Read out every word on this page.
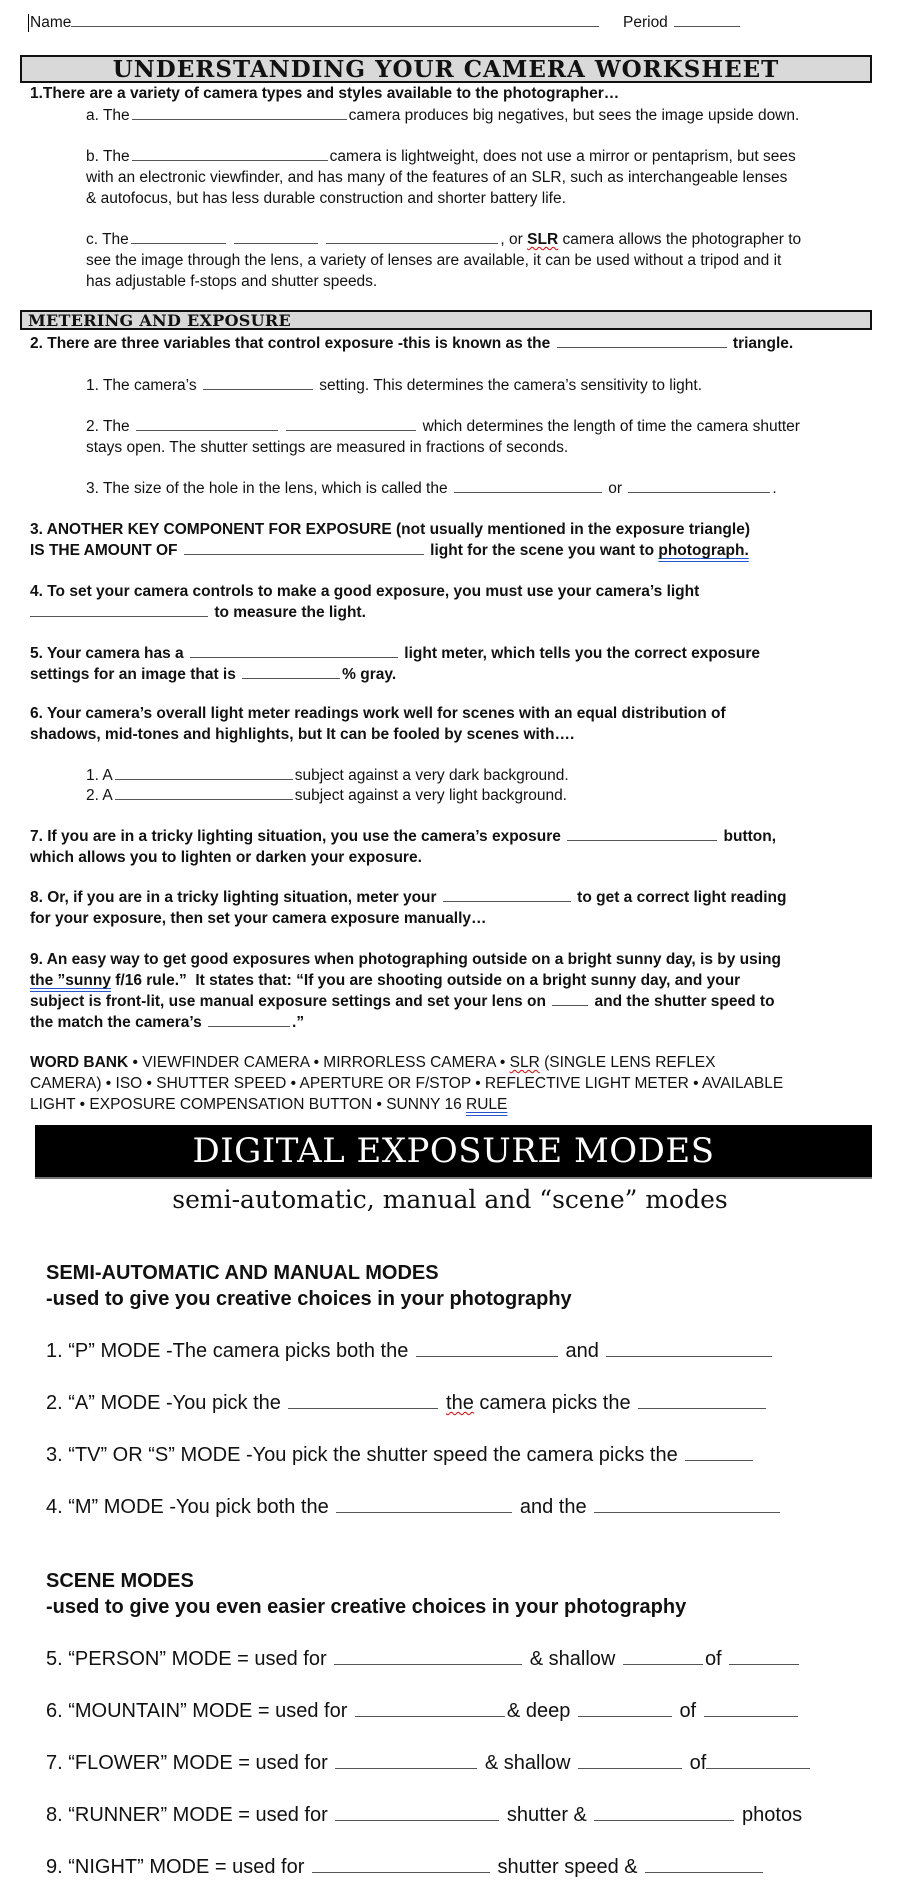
Name	Period
UNDERSTANDING YOUR CAMERA WORKSHEET
1.There are a variety of camera types and styles available to the photographer…
a. The	camera produces big negatives, but sees the image upside down.
b. The	camera is lightweight, does not use a mirror or pentaprism, but sees
with an electronic viewfinder, and has many of the features of an SLR, such as interchangeable lenses
& autofocus, but has less durable construction and shorter battery life.
c. The	, or SLR camera allows the photographer to
see the image through the lens, a variety of lenses are available, it can be used without a tripod and it
has adjustable f-stops and shutter speeds.
METERING AND EXPOSURE
2. There are three variables that control exposure -this is known as the	triangle.
1. The camera’s	setting. This determines the camera’s sensitivity to light.
2. The	which determines the length of time the camera shutter
stays open. The shutter settings are measured in fractions of seconds.
3. The size of the hole in the lens, which is called the	or	.
3. ANOTHER KEY COMPONENT FOR EXPOSURE (not usually mentioned in the exposure triangle)
IS THE AMOUNT OF	light for the scene you want to photograph.
4. To set your camera controls to make a good exposure, you must use your camera’s light
to measure the light.
5. Your camera has a	light meter, which tells you the correct exposure
settings for an image that is	% gray.
6. Your camera’s overall light meter readings work well for scenes with an equal distribution of
shadows, mid-tones and highlights, but It can be fooled by scenes with….
1. A	subject against a very dark background.
2. A	subject against a very light background.
7. If you are in a tricky lighting situation, you use the camera’s exposure	button,
which allows you to lighten or darken your exposure.
8. Or, if you are in a tricky lighting situation, meter your	to get a correct light reading
for your exposure, then set your camera exposure manually…
9. An easy way to get good exposures when photographing outside on a bright sunny day, is by using
the ”sunny f/16 rule.”  It states that: “If you are shooting outside on a bright sunny day, and your
subject is front-lit, use manual exposure settings and set your lens on	and the shutter speed to
the match the camera’s	.”
WORD BANK • VIEWFINDER CAMERA • MIRRORLESS CAMERA • SLR (SINGLE LENS REFLEX
CAMERA) • ISO • SHUTTER SPEED • APERTURE OR F/STOP • REFLECTIVE LIGHT METER • AVAILABLE
LIGHT • EXPOSURE COMPENSATION BUTTON • SUNNY 16 RULE
DIGITAL EXPOSURE MODES
semi-automatic, manual and “scene” modes
SEMI-AUTOMATIC AND MANUAL MODES
-used to give you creative choices in your photography
1. “P” MODE -The camera picks both the	and
2. “A” MODE -You pick the	the camera picks the
3. “TV” OR “S” MODE -You pick the shutter speed the camera picks the
4. “M” MODE -You pick both the	and the
SCENE MODES
-used to give you even easier creative choices in your photography
5. “PERSON” MODE = used for	& shallow	of
6. “MOUNTAIN” MODE = used for	& deep	of
7. “FLOWER” MODE = used for	& shallow	of
8. “RUNNER” MODE = used for	shutter &	photos
9. “NIGHT” MODE = used for	shutter speed &
